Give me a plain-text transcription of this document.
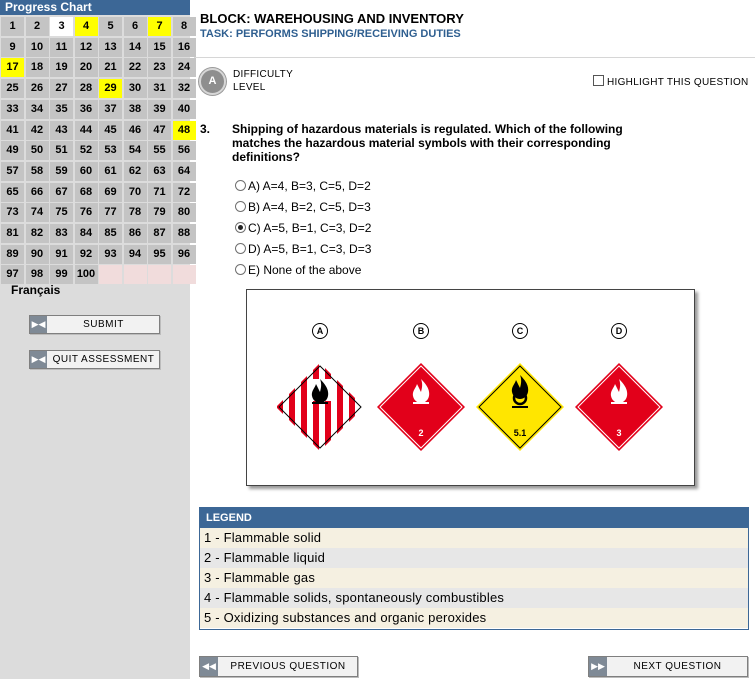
Progress Chart
1	2	3	4	5	6	7	8
9	10	11	12	13	14	15	16
17	18	19	20	21	22	23	24
25	26	27	28	29	30	31	32
33	34	35	36	37	38	39	40
41	42	43	44	45	46	47	48
49	50	51	52	53	54	55	56
57	58	59	60	61	62	63	64
65	66	67	68	69	70	71	72
73	74	75	76	77	78	79	80
81	82	83	84	85	86	87	88
89	90	91	92	93	94	95	96
97	98	99 100
Français
▶◀	SUBMIT
▶◀ QUIT ASSESSMENT
BLOCK: WAREHOUSING AND INVENTORY
TASK: PERFORMS SHIPPING/RECEIVING DUTIES
A
DIFFICULTY
LEVEL	HIGHLIGHT THIS QUESTION
3. Shipping of hazardous materials is regulated. Which of the following matches the hazardous material symbols with their corresponding definitions?
A) A=4, B=3, C=5, D=2
B) A=4, B=2, C=5, D=3
C) A=5, B=1, C=3, D=2
D) A=5, B=1, C=3, D=3
E) None of the above
A	B	C	D
2	5.1	3
LEGEND
1 - Flammable solid
2 - Flammable liquid
3 - Flammable gas
4 - Flammable solids, spontaneously combustibles
5 - Oxidizing substances and organic peroxides
◀◀	PREVIOUS QUESTION	▶▶	NEXT QUESTION
